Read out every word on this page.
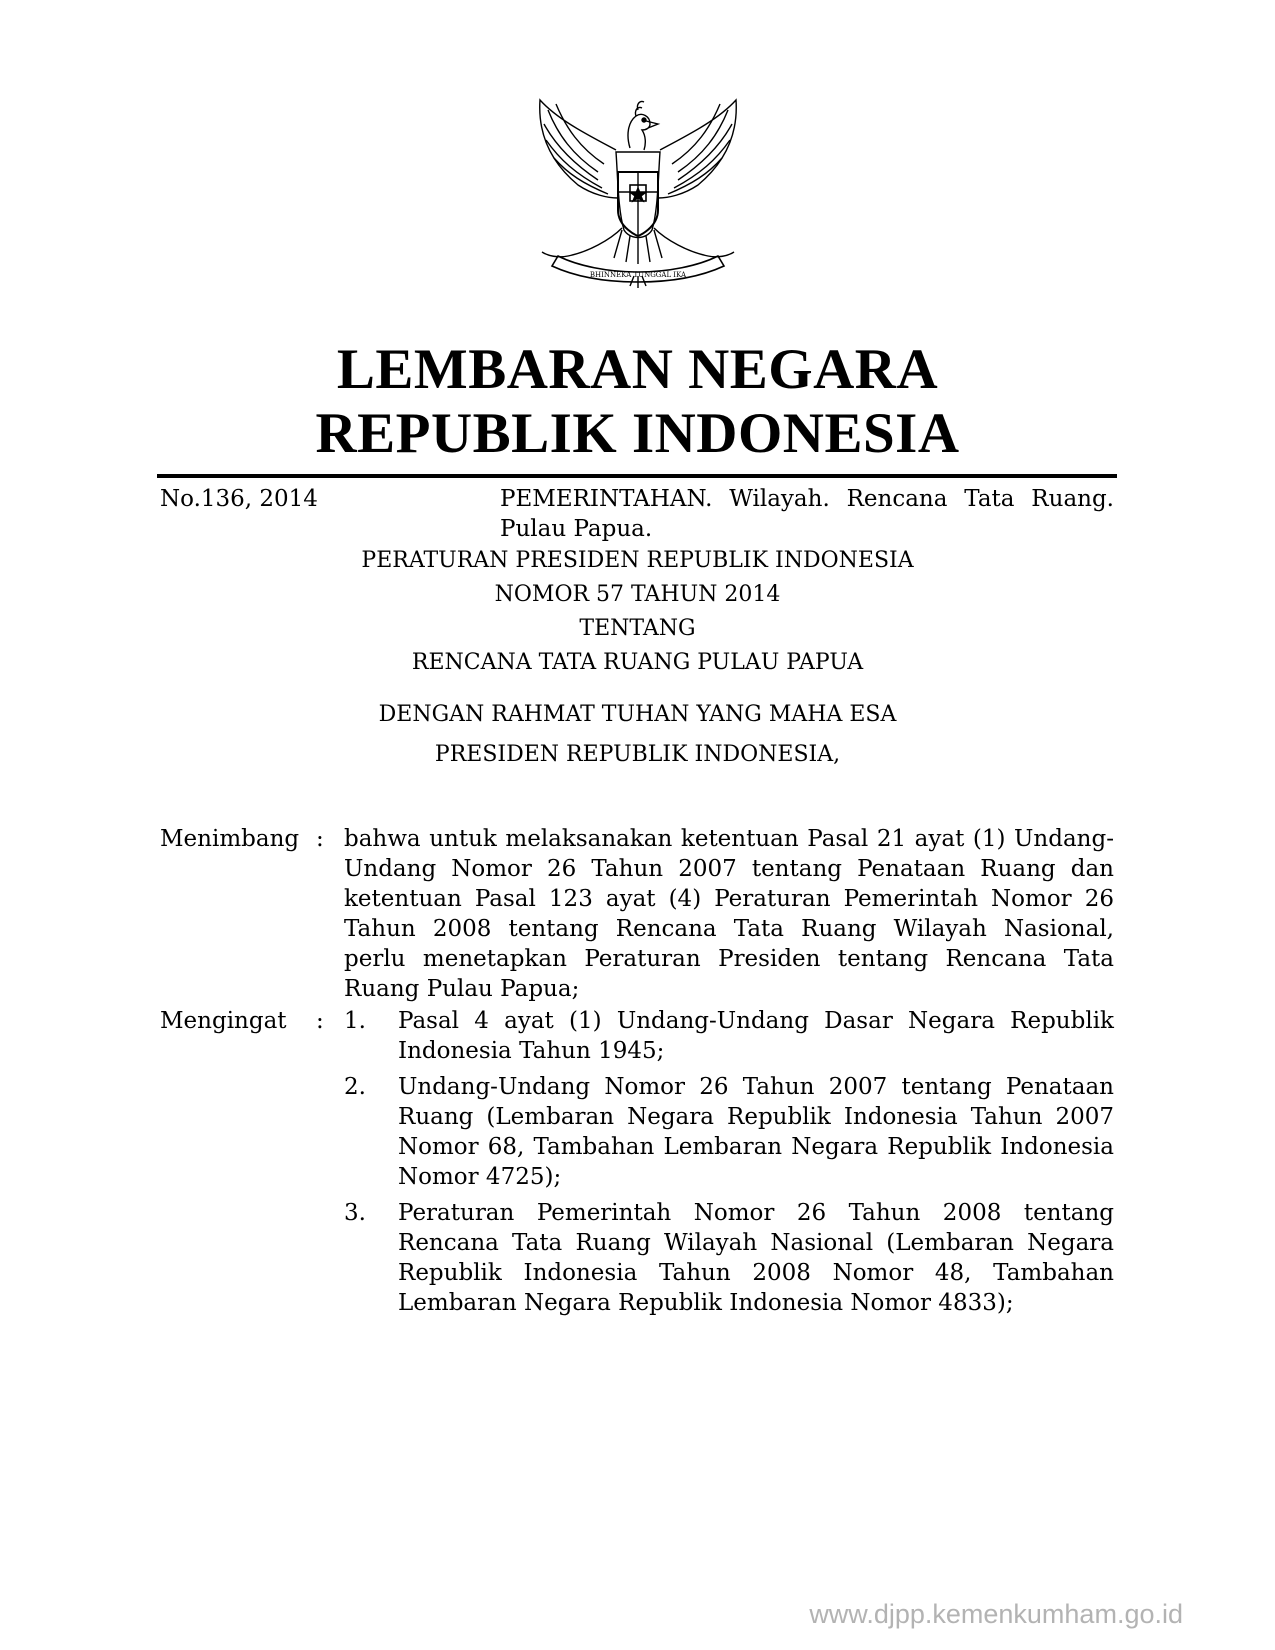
BHINNEKA TUNGGAL IKA
LEMBARAN NEGARA
REPUBLIK INDONESIA
No.136, 2014	PEMERINTAHAN. Wilayah. Rencana Tata Ruang. Pulau Papua.
PERATURAN PRESIDEN REPUBLIK INDONESIA
NOMOR 57 TAHUN 2014
TENTANG
RENCANA TATA RUANG PULAU PAPUA
DENGAN RAHMAT TUHAN YANG MAHA ESA
PRESIDEN REPUBLIK INDONESIA,
Menimbang : bahwa untuk melaksanakan ketentuan Pasal 21 ayat (1) Undang-Undang Nomor 26 Tahun 2007 tentang Penataan Ruang dan ketentuan Pasal 123 ayat (4) Peraturan Pemerintah Nomor 26 Tahun 2008 tentang Rencana Tata Ruang Wilayah Nasional, perlu menetapkan Peraturan Presiden tentang Rencana Tata Ruang Pulau Papua;
Mengingat : 1. Pasal 4 ayat (1) Undang-Undang Dasar Negara Republik Indonesia Tahun 1945;
2. Undang-Undang Nomor 26 Tahun 2007 tentang Penataan Ruang (Lembaran Negara Republik Indonesia Tahun 2007 Nomor 68, Tambahan Lembaran Negara Republik Indonesia Nomor 4725);
3. Peraturan Pemerintah Nomor 26 Tahun 2008 tentang Rencana Tata Ruang Wilayah Nasional (Lembaran Negara Republik Indonesia Tahun 2008 Nomor 48, Tambahan Lembaran Negara Republik Indonesia Nomor 4833);
www.djpp.kemenkumham.go.id
